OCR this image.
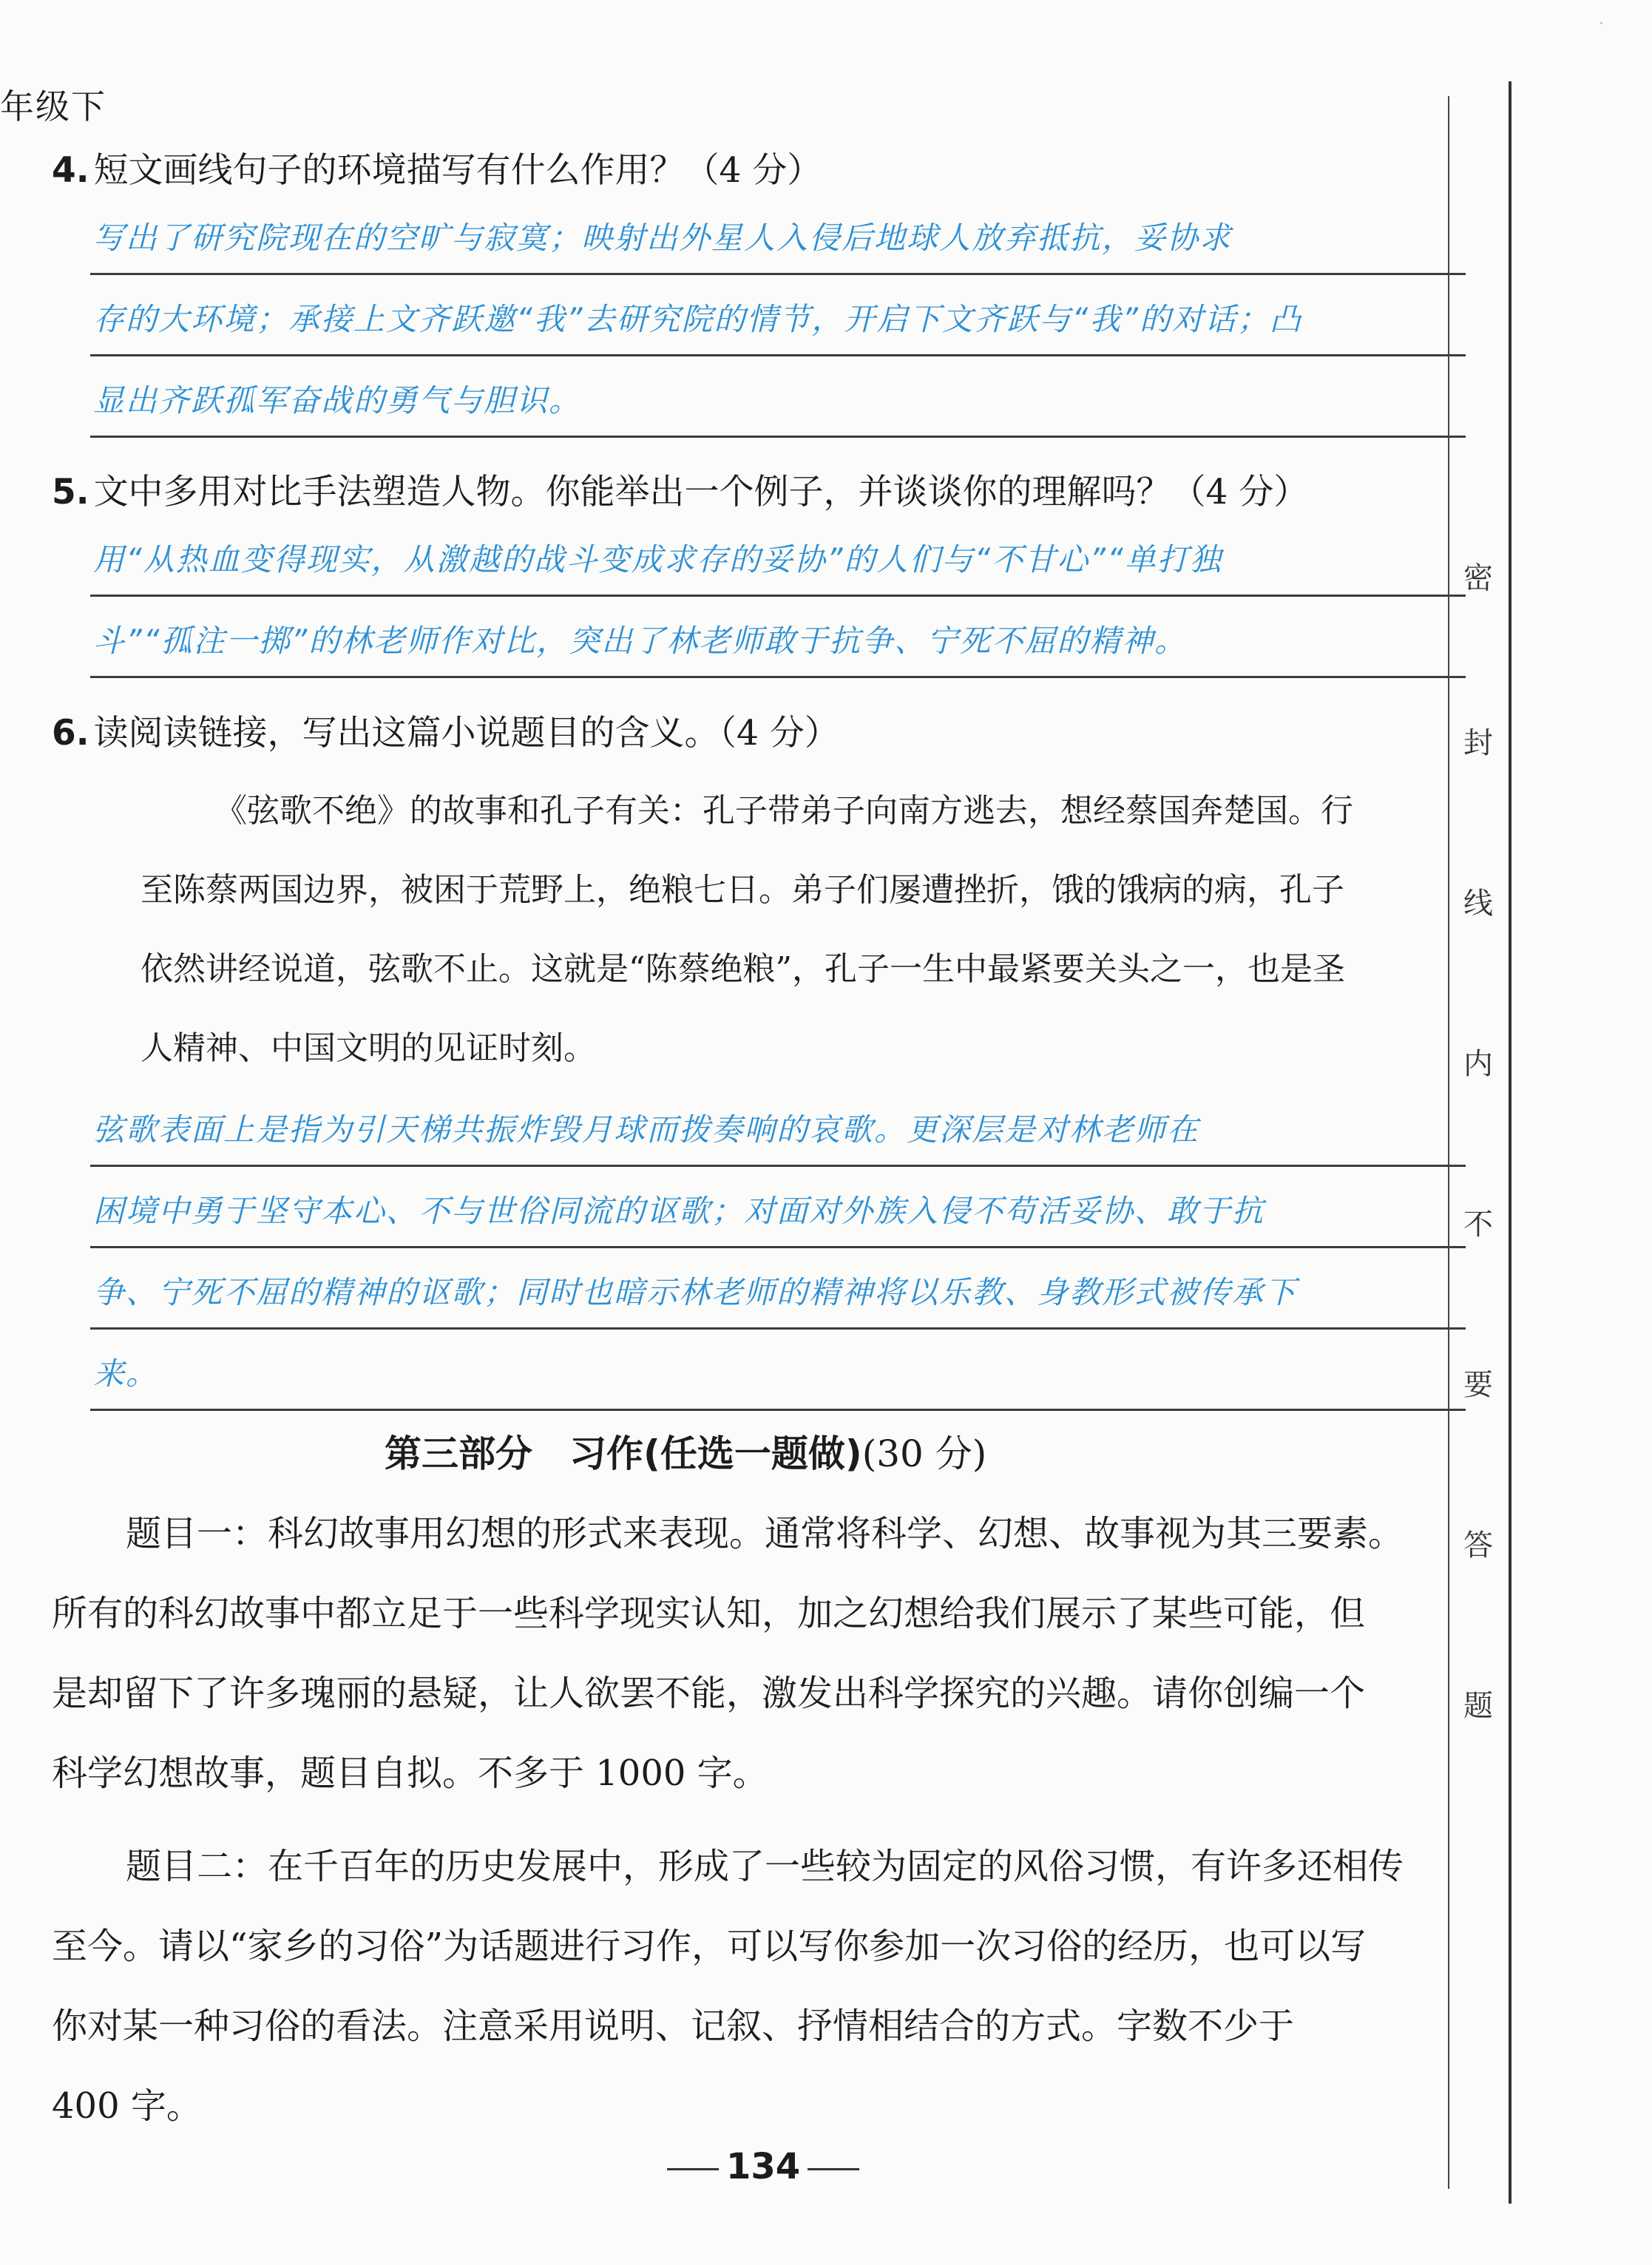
年级下
·
4. 短文画线句子的环境描写有什么作用？（4 分）
写出了研究院现在的空旷与寂寞；映射出外星人入侵后地球人放弃抵抗，妥协求
存的大环境；承接上文齐跃邀“我”去研究院的情节，开启下文齐跃与“我”的对话；凸
显出齐跃孤军奋战的勇气与胆识。
5. 文中多用对比手法塑造人物。你能举出一个例子，并谈谈你的理解吗？（4 分）
用“从热血变得现实，从激越的战斗变成求存的妥协”的人们与“不甘心”“单打独
斗”“孤注一掷”的林老师作对比，突出了林老师敢于抗争、宁死不屈的精神。
6. 读阅读链接，写出这篇小说题目的含义。（4 分）
《弦歌不绝》的故事和孔子有关：孔子带弟子向南方逃去，想经蔡国奔楚国。行
至陈蔡两国边界，被困于荒野上，绝粮七日。弟子们屡遭挫折，饿的饿病的病，孔子
依然讲经说道，弦歌不止。这就是“陈蔡绝粮”，孔子一生中最紧要关头之一，也是圣
人精神、中国文明的见证时刻。
弦歌表面上是指为引天梯共振炸毁月球而拨奏响的哀歌。更深层是对林老师在
困境中勇于坚守本心、不与世俗同流的讴歌；对面对外族入侵不苟活妥协、敢于抗
争、宁死不屈的精神的讴歌；同时也暗示林老师的精神将以乐教、身教形式被传承下
来。
第三部分　习作(任选一题做)(30 分)
题目一：科幻故事用幻想的形式来表现。通常将科学、幻想、故事视为其三要素。
所有的科幻故事中都立足于一些科学现实认知，加之幻想给我们展示了某些可能，但
是却留下了许多瑰丽的悬疑，让人欲罢不能，激发出科学探究的兴趣。请你创编一个
科学幻想故事，题目自拟。不多于 1000 字。
题目二：在千百年的历史发展中，形成了一些较为固定的风俗习惯，有许多还相传
至今。请以“家乡的习俗”为话题进行习作，可以写你参加一次习俗的经历，也可以写
你对某一种习俗的看法。注意采用说明、记叙、抒情相结合的方式。字数不少于
400 字。
134
密
封
线
内
不
要
答
题
